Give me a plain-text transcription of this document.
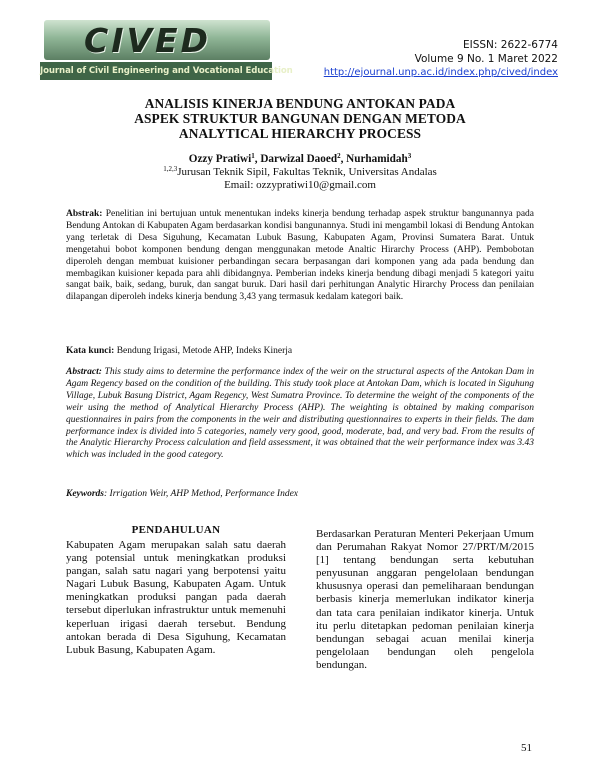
CIVED
Journal of Civil Engineering and Vocational Education
EISSN: 2622-6774
Volume 9 No. 1 Maret 2022
http://ejournal.unp.ac.id/index.php/cived/index
ANALISIS KINERJA BENDUNG ANTOKAN PADA
ASPEK STRUKTUR BANGUNAN DENGAN METODA
ANALYTICAL HIERARCHY PROCESS
Ozzy Pratiwi$^1$, Darwizal Daoed$^2$, Nurhamidah$^3$
$^{1,2,3}$Jurusan Teknik Sipil, Fakultas Teknik, Universitas Andalas
Email: ozzypratiwi10@gmail.com
Abstrak: Penelitian ini bertujuan untuk menentukan indeks kinerja bendung terhadap aspek struktur bangunannya pada Bendung Antokan di Kabupaten Agam berdasarkan kondisi bangunannya. Studi ini mengambil lokasi di Bendung Antokan yang terletak di Desa Siguhung, Kecamatan Lubuk Basung, Kabupaten Agam, Provinsi Sumatera Barat. Untuk mengetahui bobot komponen bendung dengan menggunakan metode Analtic Hirarchy Process (AHP). Pembobotan diperoleh dengan membuat kuisioner perbandingan secara berpasangan dari komponen yang ada pada bendung dan membagikan kuisioner kepada para ahli dibidangnya. Pemberian indeks kinerja bendung dibagi menjadi 5 kategori yaitu sangat baik, baik, sedang, buruk, dan sangat buruk. Dari hasil dari perhitungan Analytic Hirarchy Process dan penilaian dilapangan diperoleh indeks kinerja bendung 3,43 yang termasuk kedalam kategori baik.
Kata kunci: Bendung Irigasi, Metode AHP, Indeks Kinerja
Abstract: This study aims to determine the performance index of the weir on the structural aspects of the Antokan Dam in Agam Regency based on the condition of the building. This study took place at Antokan Dam, which is located in Siguhung Village, Lubuk Basung District, Agam Regency, West Sumatra Province. To determine the weight of the components of the weir using the method of Analytical Hierarchy Process (AHP). The weighting is obtained by making comparison questionnaires in pairs from the components in the weir and distributing questionnaires to experts in their fields. The dam performance index is divided into 5 categories, namely very good, good, moderate, bad, and very bad. From the results of the Analytic Hierarchy Process calculation and field assessment, it was obtained that the weir performance index was 3.43 which was included in the good category.
Keywords: Irrigation Weir, AHP Method, Performance Index
PENDAHULUAN
Kabupaten Agam merupakan salah satu daerah yang potensial untuk meningkatkan produksi pangan, salah satu nagari yang berpotensi yaitu Nagari Lubuk Basung, Kabupaten Agam. Untuk meningkatkan produksi pangan pada daerah tersebut diperlukan infrastruktur untuk memenuhi keperluan irigasi daerah tersebut. Bendung antokan berada di Desa Siguhung, Kecamatan Lubuk Basung, Kabupaten Agam.
Berdasarkan Peraturan Menteri Pekerjaan Umum dan Perumahan Rakyat Nomor 27/PRT/M/2015 [1] tentang bendungan serta kebutuhan penyusunan anggaran pengelolaan bendungan khususnya operasi dan pemeliharaan bendungan berbasis kinerja memerlukan indikator kinerja dan tata cara penilaian indikator kinerja. Untuk itu perlu ditetapkan pedoman penilaian kinerja bendungan sebagai acuan menilai kinerja pengelolaan bendungan oleh pengelola bendungan.
51
